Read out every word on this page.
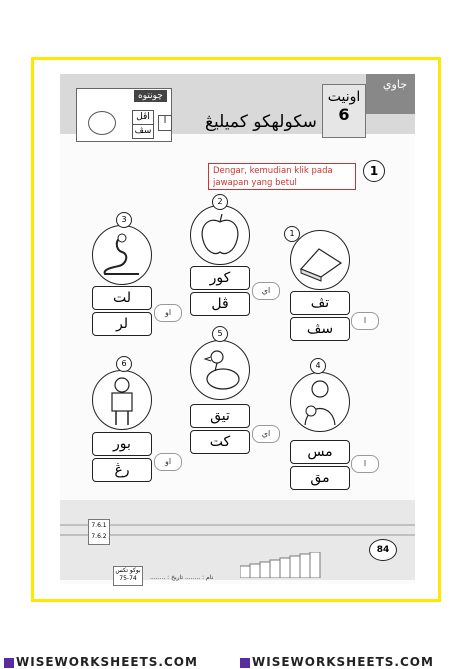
جاوي
اونيت
6
چونتوه
اڤل
سڤ
ا	سکولهکو کميليڠ
1
Dengar, kemudian klik pada jawapan yang betul
1
تڤ
سڤ
ا
2
کور
ڤل
اي
3
لت
لر
او
4
مس
مق
ا
5
تيق
کت
اي
6
بور
رڠ
او
7.6.1
7.6.2
بوکو تکس 74-75	نام : ........ تاريخ : ........
84
WISEWORKSHEETS.COM	WISEWORKSHEETS.COM
